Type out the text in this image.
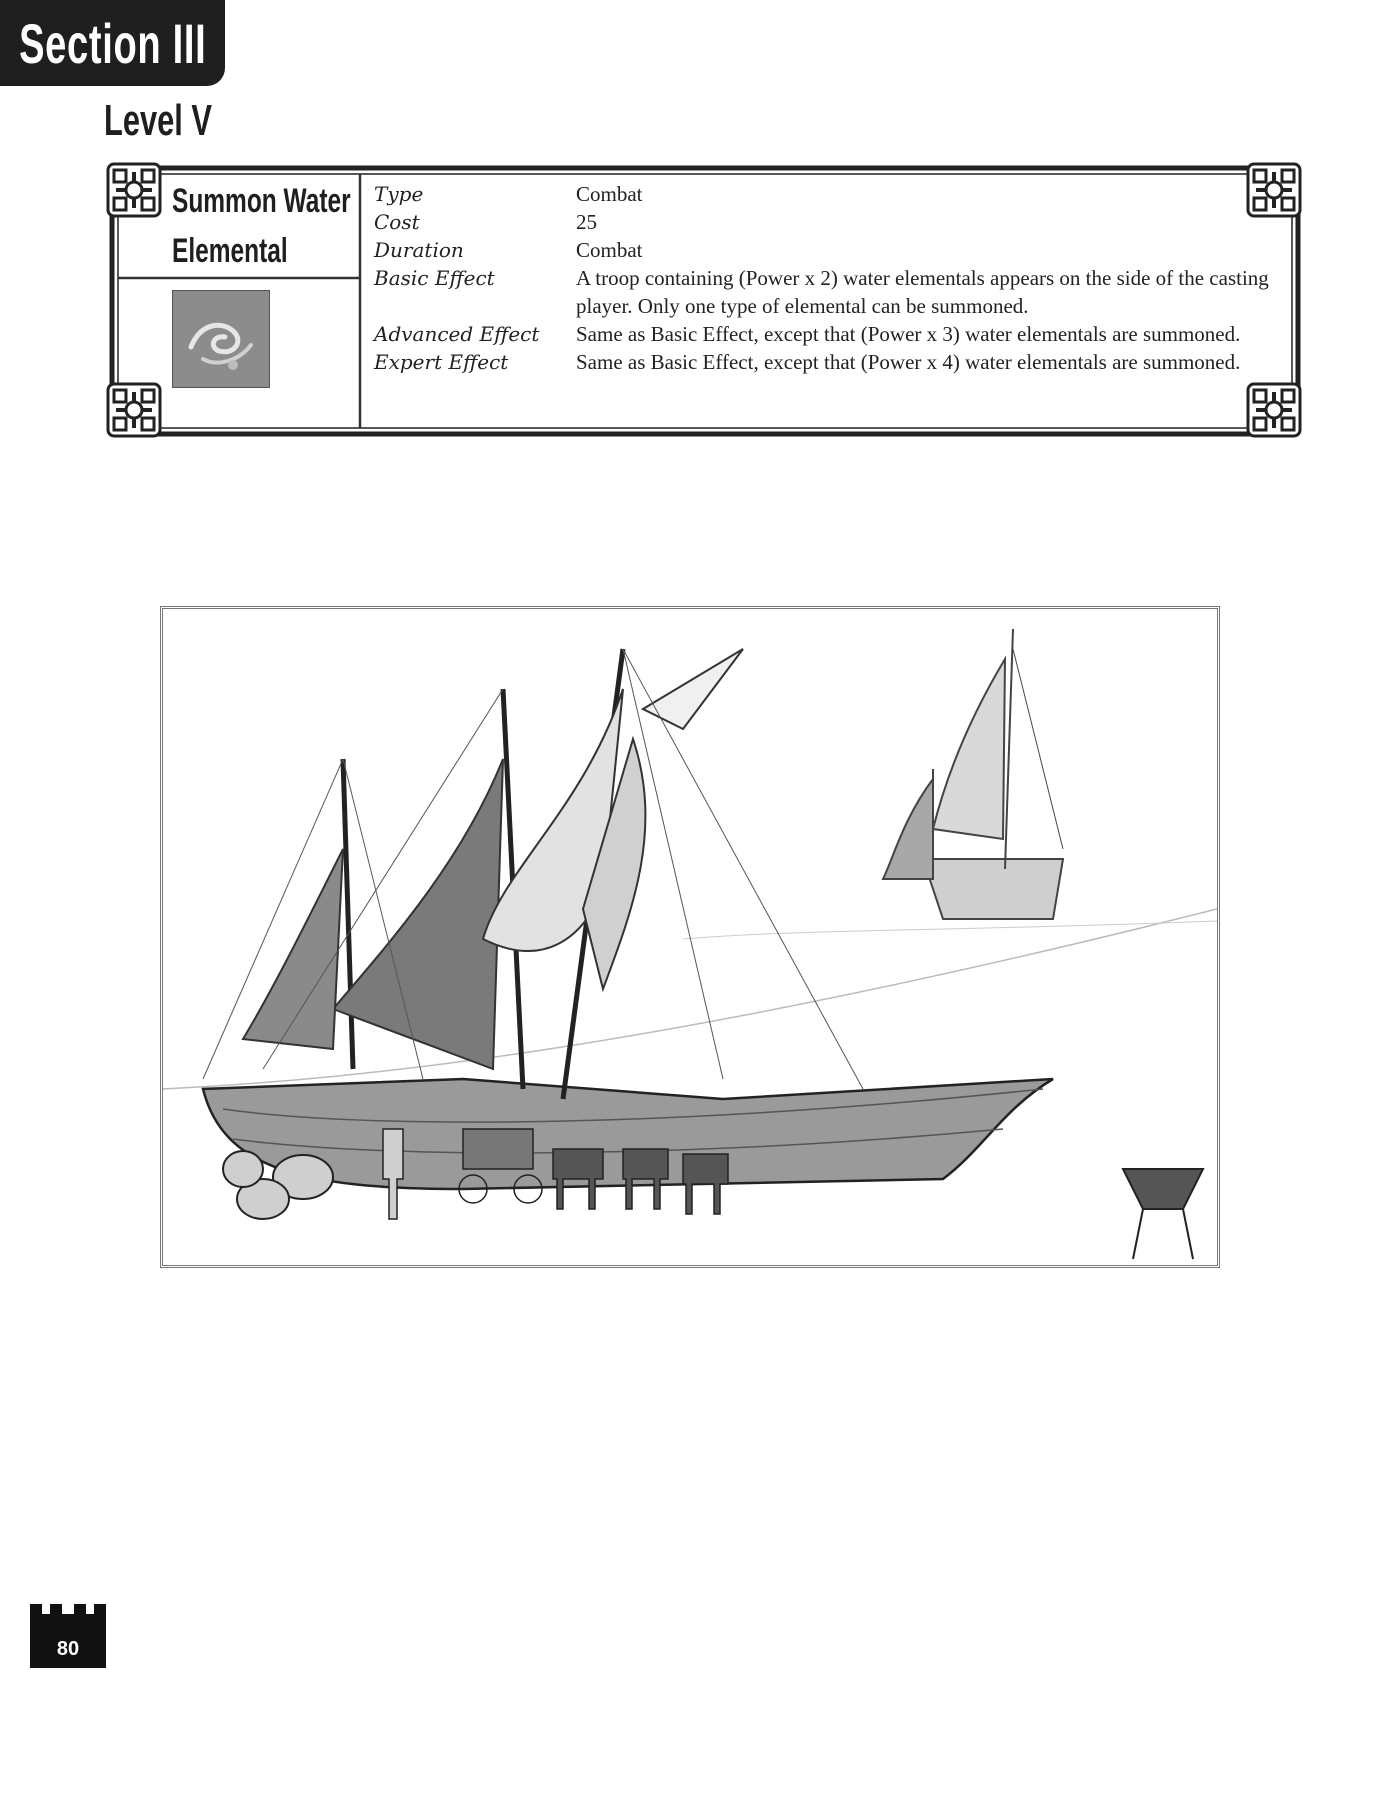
Section III
Level V
Summon Water
Elemental
Type	Combat
Cost	25
Duration	Combat
Basic Effect	A troop containing (Power x 2) water elementals appears on the side of the casting player. Only one type of elemental can be summoned.
Advanced Effect	Same as Basic Effect, except that (Power x 3) water elementals are summoned.
Expert Effect	Same as Basic Effect, except that (Power x 4) water elementals are summoned.
80
